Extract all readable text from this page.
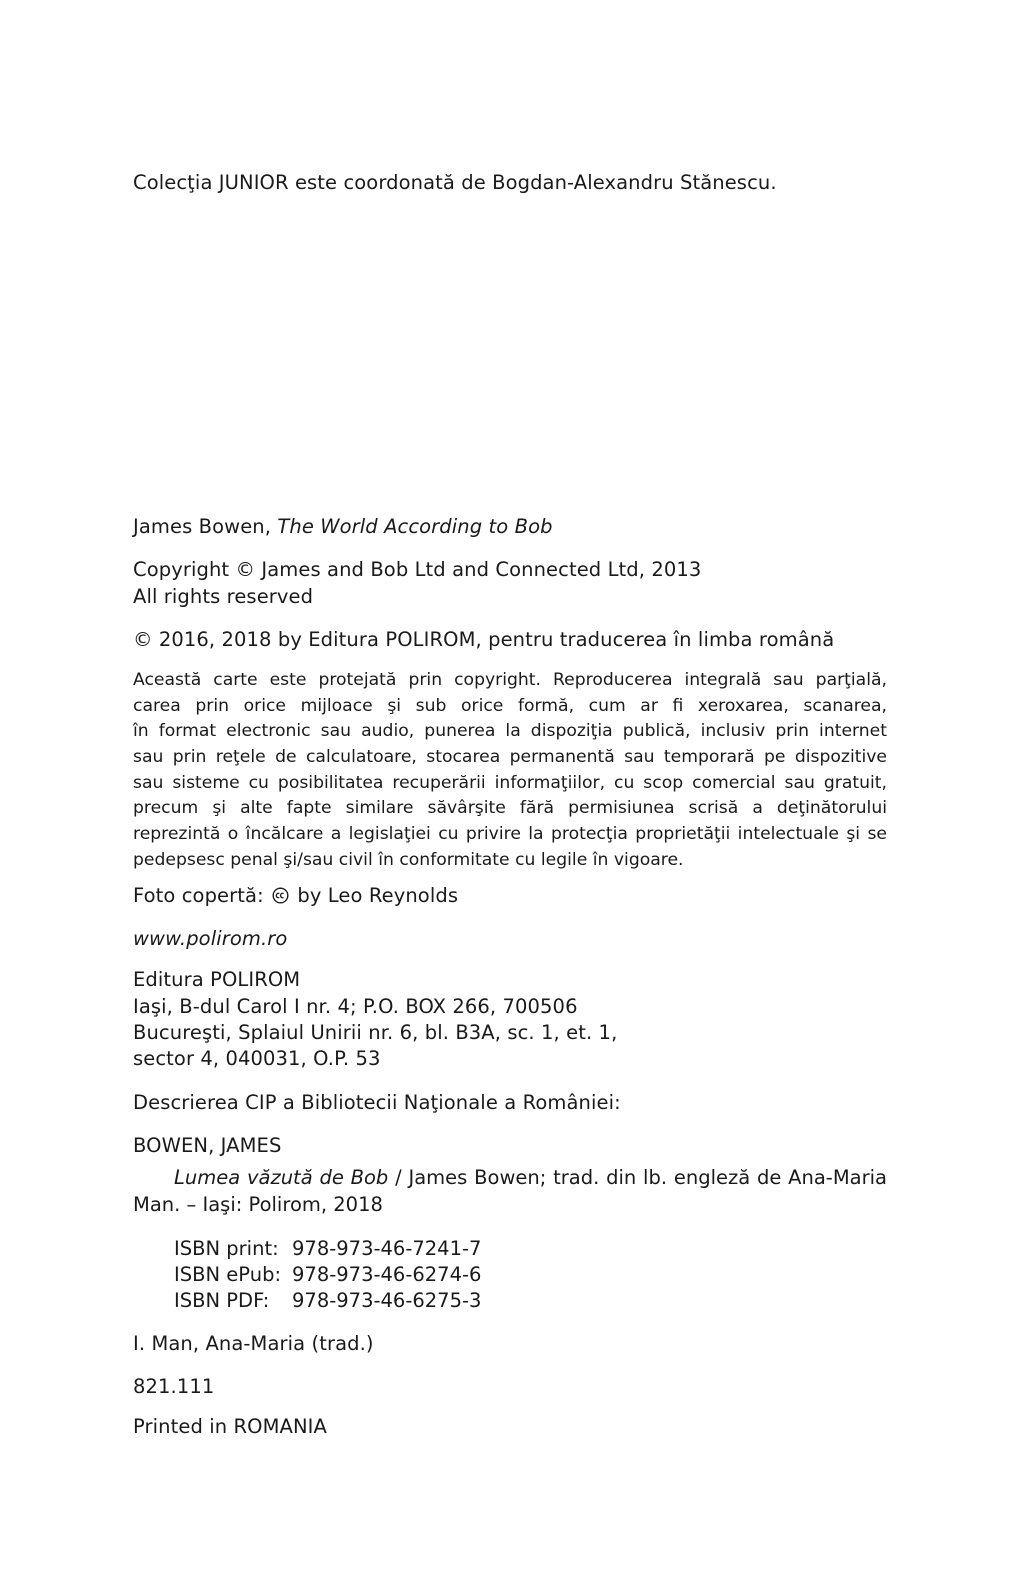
Colecţia JUNIOR este coordonată de Bogdan-Alexandru Stănescu.
James Bowen, The World According to Bob
Copyright © James and Bob Ltd and Connected Ltd, 2013
All rights reserved
© 2016, 2018 by Editura POLIROM, pentru traducerea în limba română
Această carte este protejată prin copyright. Reproducerea integrală sau parţială,
carea prin orice mijloace şi sub orice formă, cum ar fi xeroxarea, scanarea,
în format electronic sau audio, punerea la dispoziţia publică, inclusiv prin internet
sau prin reţele de calculatoare, stocarea permanentă sau temporară pe dispozitive
sau sisteme cu posibilitatea recuperării informaţiilor, cu scop comercial sau gratuit,
precum şi alte fapte similare săvârşite fără permisiunea scrisă a deţinătorului
reprezintă o încălcare a legislaţiei cu privire la protecţia proprietăţii intelectuale şi se
pedepsesc penal şi/sau civil în conformitate cu legile în vigoare.
Foto copertă: by Leo Reynolds
www.polirom.ro
Editura POLIROM
Iaşi, B-dul Carol I nr. 4; P.O. BOX 266, 700506
Bucureşti, Splaiul Unirii nr. 6, bl. B3A, sc. 1, et. 1,
sector 4, 040031, O.P. 53
Descrierea CIP a Bibliotecii Naţionale a României:
BOWEN, JAMES
Lumea văzută de Bob / James Bowen; trad. din lb. engleză de Ana-Maria
Man. – Iaşi: Polirom, 2018
ISBN print: 978-973-46-7241-7
ISBN ePub: 978-973-46-6274-6
ISBN PDF: 978-973-46-6275-3
I. Man, Ana-Maria (trad.)
821.111
Printed in ROMANIA
